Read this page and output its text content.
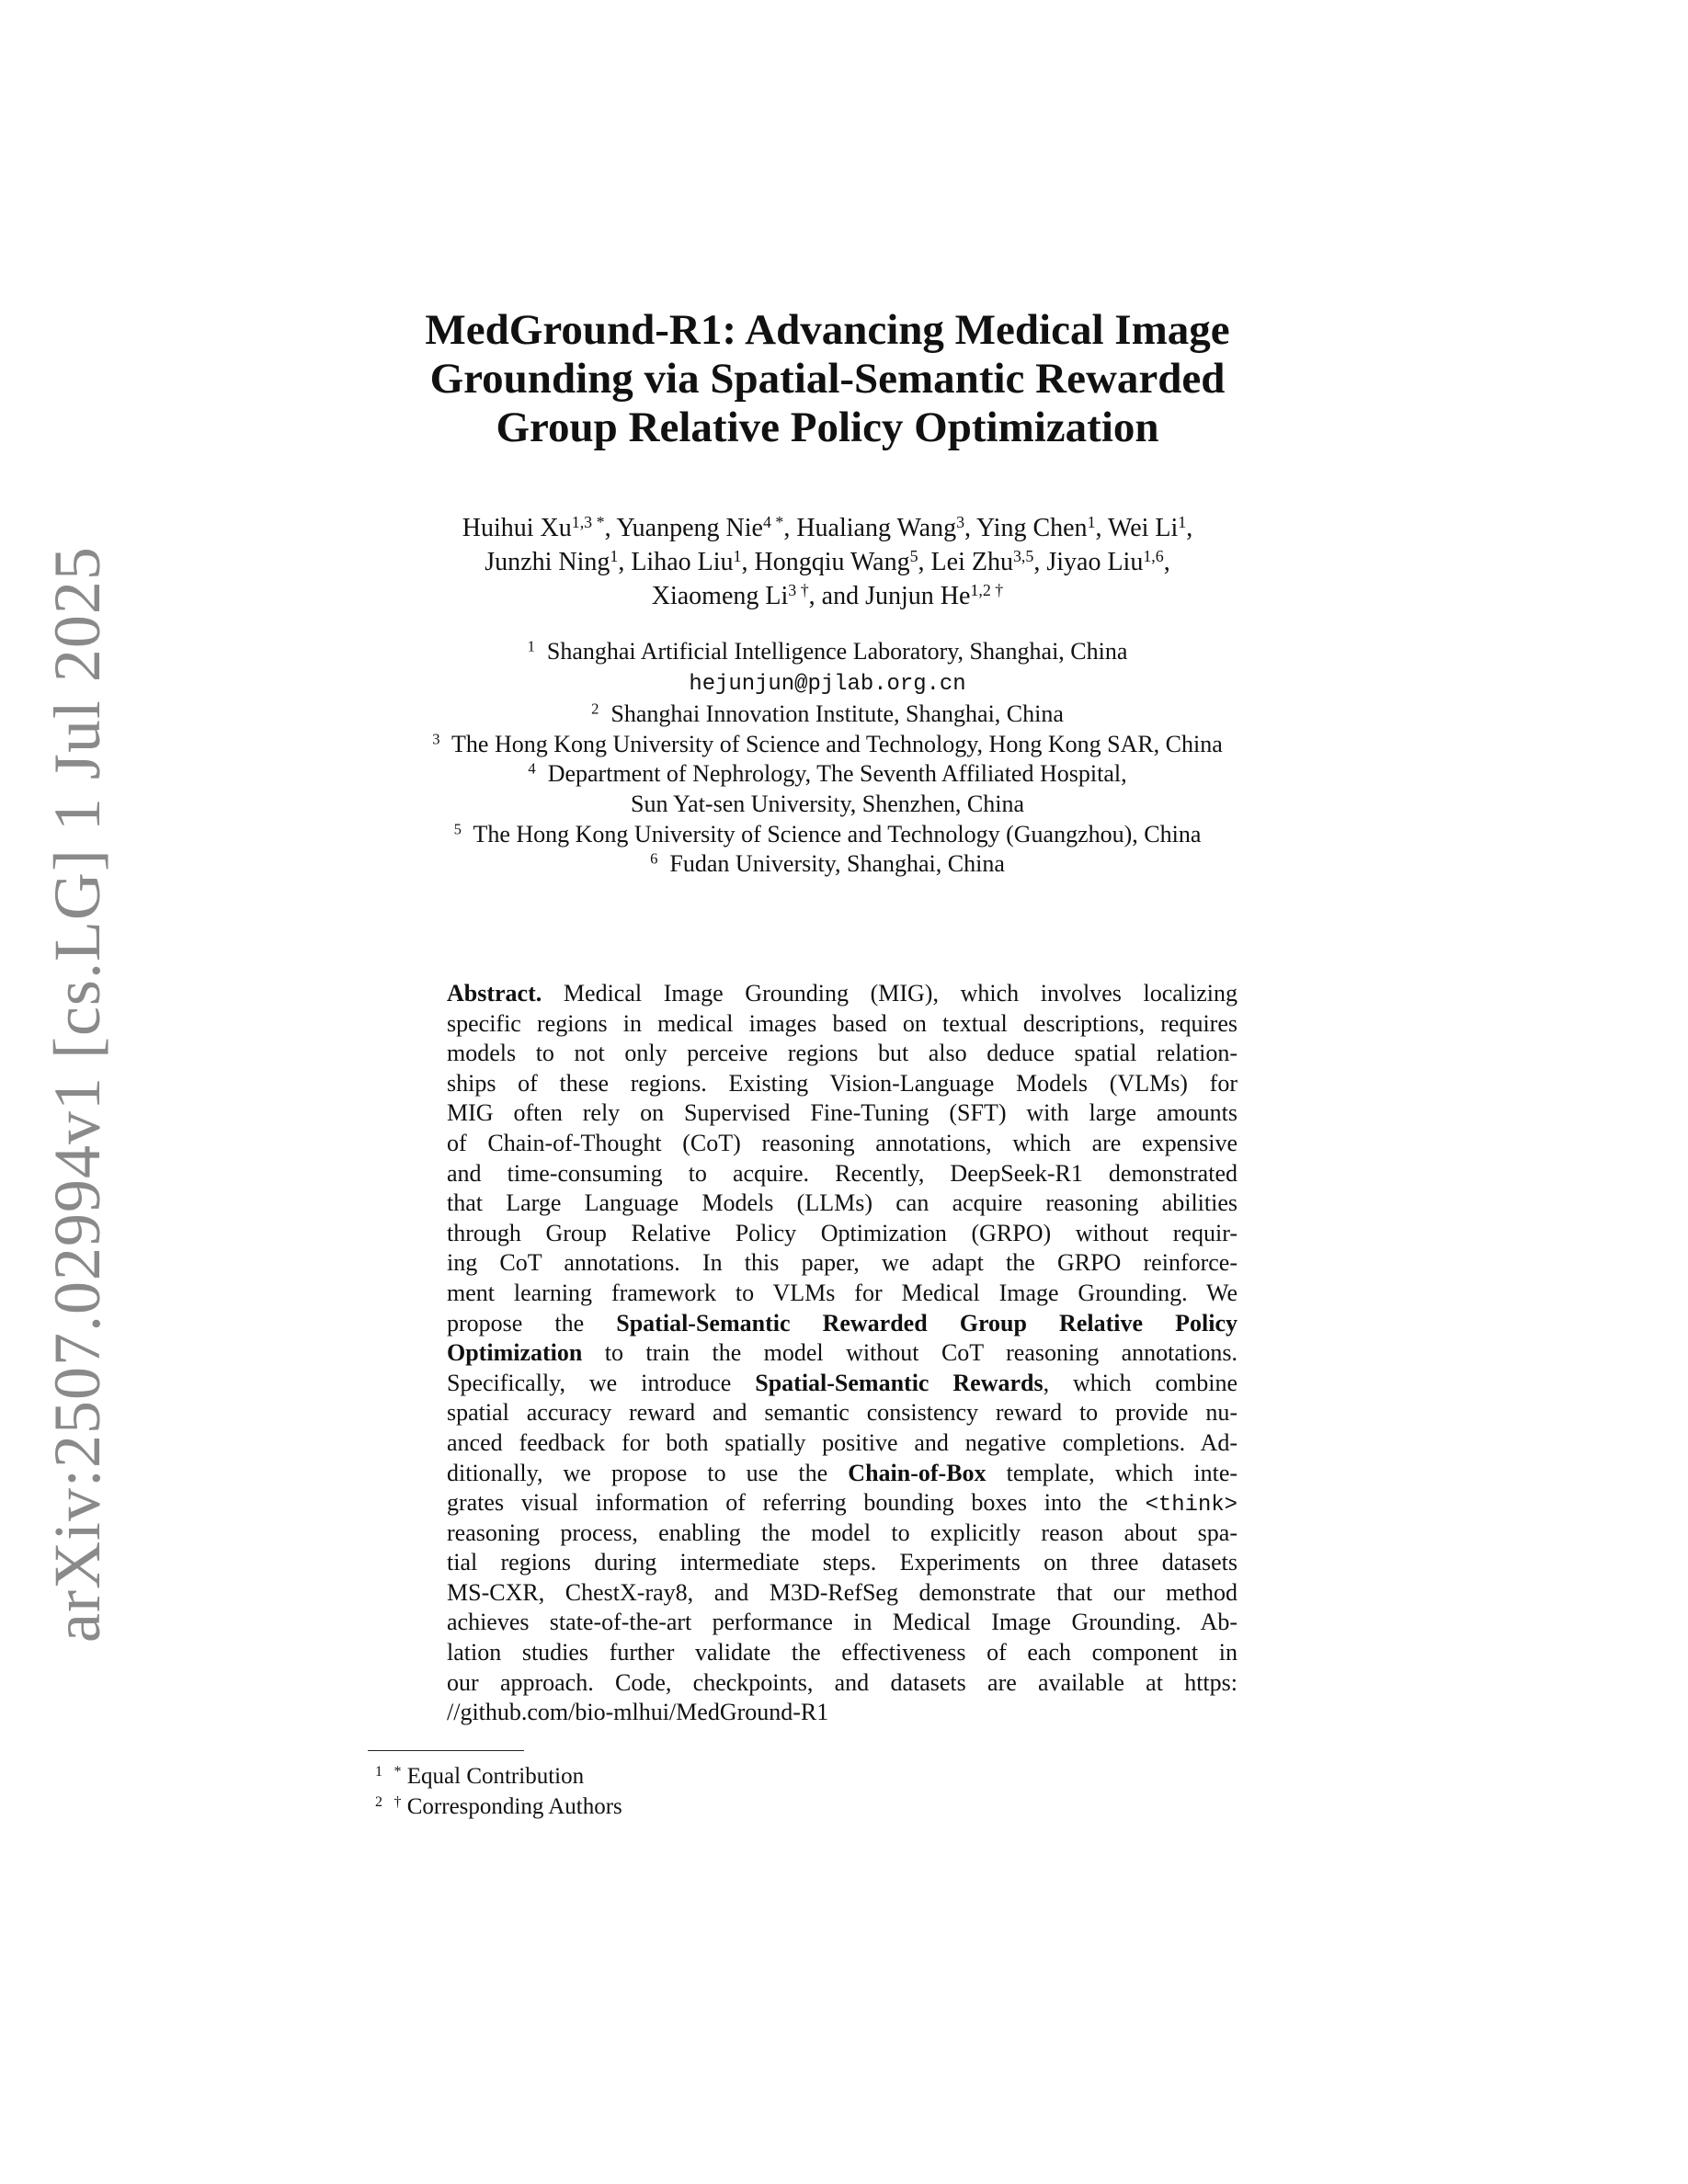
arXiv:2507.02994v1 [cs.LG] 1 Jul 2025
MedGround-R1: Advancing Medical Image
Grounding via Spatial-Semantic Rewarded
Group Relative Policy Optimization
Huihui $Xu^{1,3 *}$, Yuanpeng Nie$^{4 *}$, Hualiang Wang$^3$, Ying Chen$^1$, Wei Li$^1$,
Junzhi Ning$^1$, Lihao Liu$^1$, Hongqiu Wang$^5$, Lei Zhu$^{3,5}$, Jiyao Liu$^{1,6}$,
Xiaomeng $Li^{3 \dagger}$, and Junjun $He^{1,2 \dagger}$
$^1$ Shanghai Artificial Intelligence Laboratory, Shanghai, China
hejunjun@pjlab.org.cn
$^2$ Shanghai Innovation Institute, Shanghai, China
$^3$ The Hong Kong University of Science and Technology, Hong Kong SAR, China
$^4$ Department of Nephrology, The Seventh Affiliated Hospital,
Sun Yat-sen University, Shenzhen, China
$^5$ The Hong Kong University of Science and Technology (Guangzhou), China
$^6$ Fudan University, Shanghai, China
Abstract. Medical Image Grounding (MIG), which involves localizing
specific regions in medical images based on textual descriptions, requires
models to not only perceive regions but also deduce spatial relation-
ships of these regions. Existing Vision-Language Models (VLMs) for
MIG often rely on Supervised Fine-Tuning (SFT) with large amounts
of Chain-of-Thought (CoT) reasoning annotations, which are expensive
and time-consuming to acquire. Recently, DeepSeek-R1 demonstrated
that Large Language Models (LLMs) can acquire reasoning abilities
through Group Relative Policy Optimization (GRPO) without requir-
ing CoT annotations. In this paper, we adapt the GRPO reinforce-
ment learning framework to VLMs for Medical Image Grounding. We
propose the Spatial-Semantic Rewarded Group Relative Policy
Optimization to train the model without CoT reasoning annotations.
Specifically, we introduce Spatial-Semantic Rewards, which combine
spatial accuracy reward and semantic consistency reward to provide nu-
anced feedback for both spatially positive and negative completions. Ad-
ditionally, we propose to use the Chain-of-Box template, which inte-
grates visual information of referring bounding boxes into the <think>
reasoning process, enabling the model to explicitly reason about spa-
tial regions during intermediate steps. Experiments on three datasets
MS-CXR, ChestX-ray8, and M3D-RefSeg demonstrate that our method
achieves state-of-the-art performance in Medical Image Grounding. Ab-
lation studies further validate the effectiveness of each component in
our approach. Code, checkpoints, and datasets are available at https:
//github.com/bio-mlhui/MedGround-R1
$^1$ * Equal Contribution
$^2$ † Corresponding Authors
